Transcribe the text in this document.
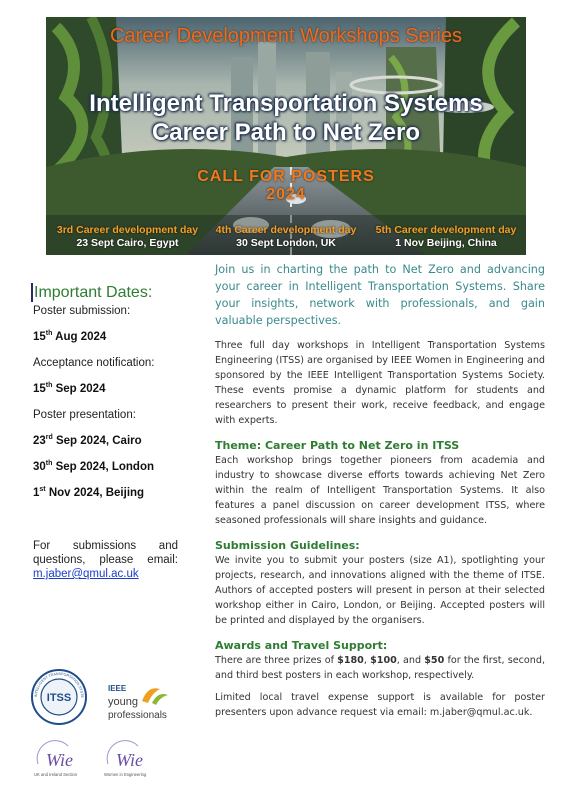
Career Development Workshops Series
Intelligent Transportation Systems
Career Path to Net Zero
CALL FOR POSTERS
2024
3rd Career development day
23 Sept Cairo, Egypt
4th Career development day
30 Sept London, UK
5th Career development day
1 Nov Beijing, China
Important Dates:
Poster submission:
15th Aug 2024
Acceptance notification:
15th Sep 2024
Poster presentation:
23rd Sep 2024, Cairo
30th Sep 2024, London
1st Nov 2024, Beijing
For submissions and
questions, please email:
m.jaber@qmul.ac.uk

Join us in charting the path to Net Zero and advancing your career in Intelligent Transportation Systems. Share your insights, network with professionals, and gain valuable perspectives.

Three full day workshops in Intelligent Transportation Systems Engineering (ITSS) are organised by IEEE Women in Engineering and sponsored by the IEEE Intelligent Transportation Systems Society. These events promise a dynamic platform for students and researchers to present their work, receive feedback, and engage with experts.

Theme: Career Path to Net Zero in ITSS

Each workshop brings together pioneers from academia and industry to showcase diverse efforts towards achieving Net Zero within the realm of Intelligent Transportation Systems. It also features a panel discussion on career development ITSS, where seasoned professionals will share insights and guidance.

Submission Guidelines:

We invite you to submit your posters (size A1), spotlighting your projects, research, and innovations aligned with the theme of ITSE. Authors of accepted posters will present in person at their selected workshop either in Cairo, London, or Beijing. Accepted posters will be printed and displayed by the organisers.

Awards and Travel Support:

There are three prizes of $180, $100, and $50 for the first, second, and third best posters in each workshop, respectively.

Limited local travel expense support is available for poster presenters upon advance request via email: m.jaber@qmul.ac.uk.

ITSS
INTELLIGENT TRANSPORTATION SYSTE
IEEE
young
professionals
Wie
UK and Ireland Section
Wie
Women in Engineering
